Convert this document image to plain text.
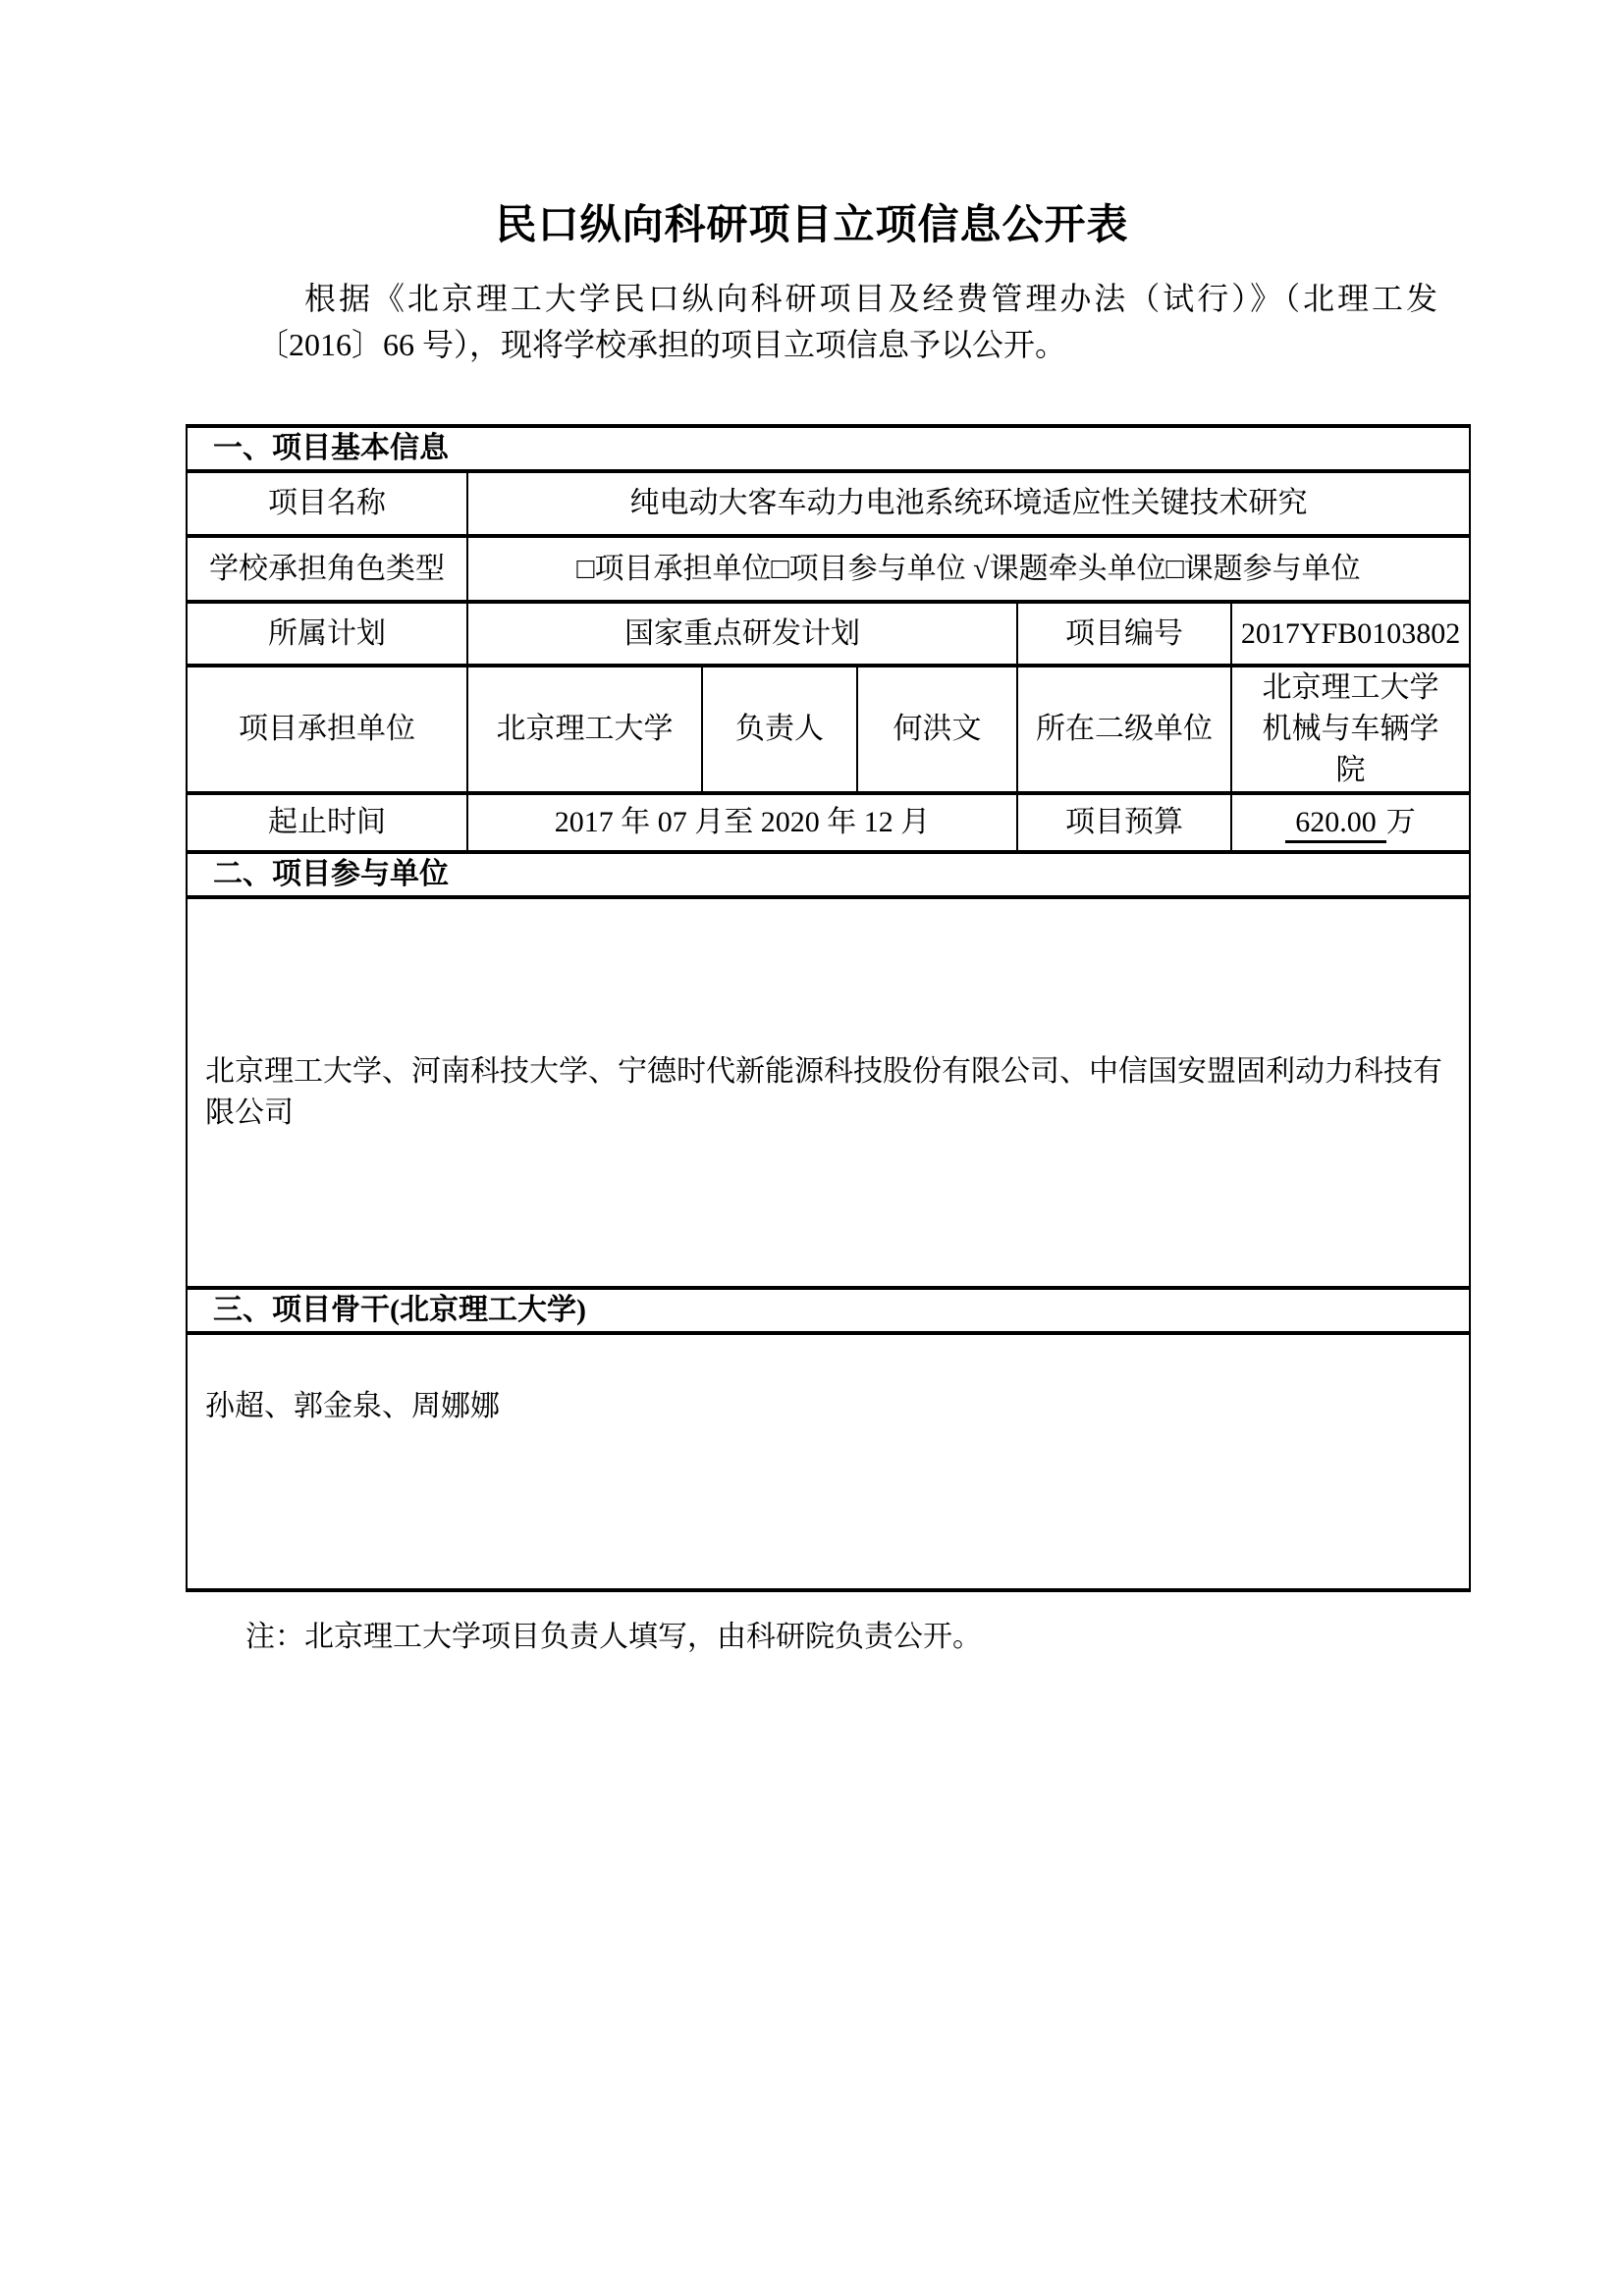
民口纵向科研项目立项信息公开表

根据《北京理工大学民口纵向科研项目及经费管理办法（试行）》（北理工发〔2016〕66 号），现将学校承担的项目立项信息予以公开。

一、项目基本信息					
项目名称	纯电动大客车动力电池系统环境适应性关键技术研究				
学校承担角色类型	□项目承担单位□项目参与单位 √课题牵头单位□课题参与单位				
所属计划	国家重点研发计划			项目编号	2017YFB0103802
项目承担单位	北京理工大学	负责人	何洪文	所在二级单位	北京理工大学机械与车辆学院
起止时间	2017 年 07 月至 2020 年 12 月			项目预算	620.00 万
二、项目参与单位					
北京理工大学、河南科技大学、宁德时代新能源科技股份有限公司、中信国安盟固利动力科技有限公司					
三、项目骨干(北京理工大学)					
孙超、郭金泉、周娜娜					

注：北京理工大学项目负责人填写，由科研院负责公开。
